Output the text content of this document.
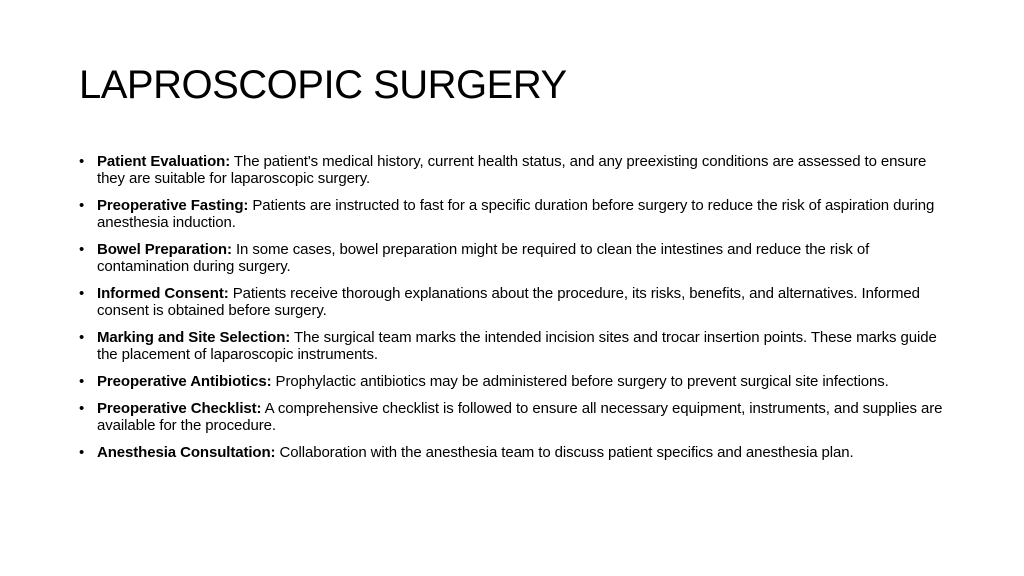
LAPROSCOPIC SURGERY
• Patient Evaluation: The patient's medical history, current health status, and any preexisting conditions are assessed to ensure they are suitable for laparoscopic surgery.
• Preoperative Fasting: Patients are instructed to fast for a specific duration before surgery to reduce the risk of aspiration during anesthesia induction.
• Bowel Preparation: In some cases, bowel preparation might be required to clean the intestines and reduce the risk of contamination during surgery.
• Informed Consent: Patients receive thorough explanations about the procedure, its risks, benefits, and alternatives. Informed consent is obtained before surgery.
• Marking and Site Selection: The surgical team marks the intended incision sites and trocar insertion points. These marks guide the placement of laparoscopic instruments.
• Preoperative Antibiotics: Prophylactic antibiotics may be administered before surgery to prevent surgical site infections.
• Preoperative Checklist: A comprehensive checklist is followed to ensure all necessary equipment, instruments, and supplies are available for the procedure.
• Anesthesia Consultation: Collaboration with the anesthesia team to discuss patient specifics and anesthesia plan.
